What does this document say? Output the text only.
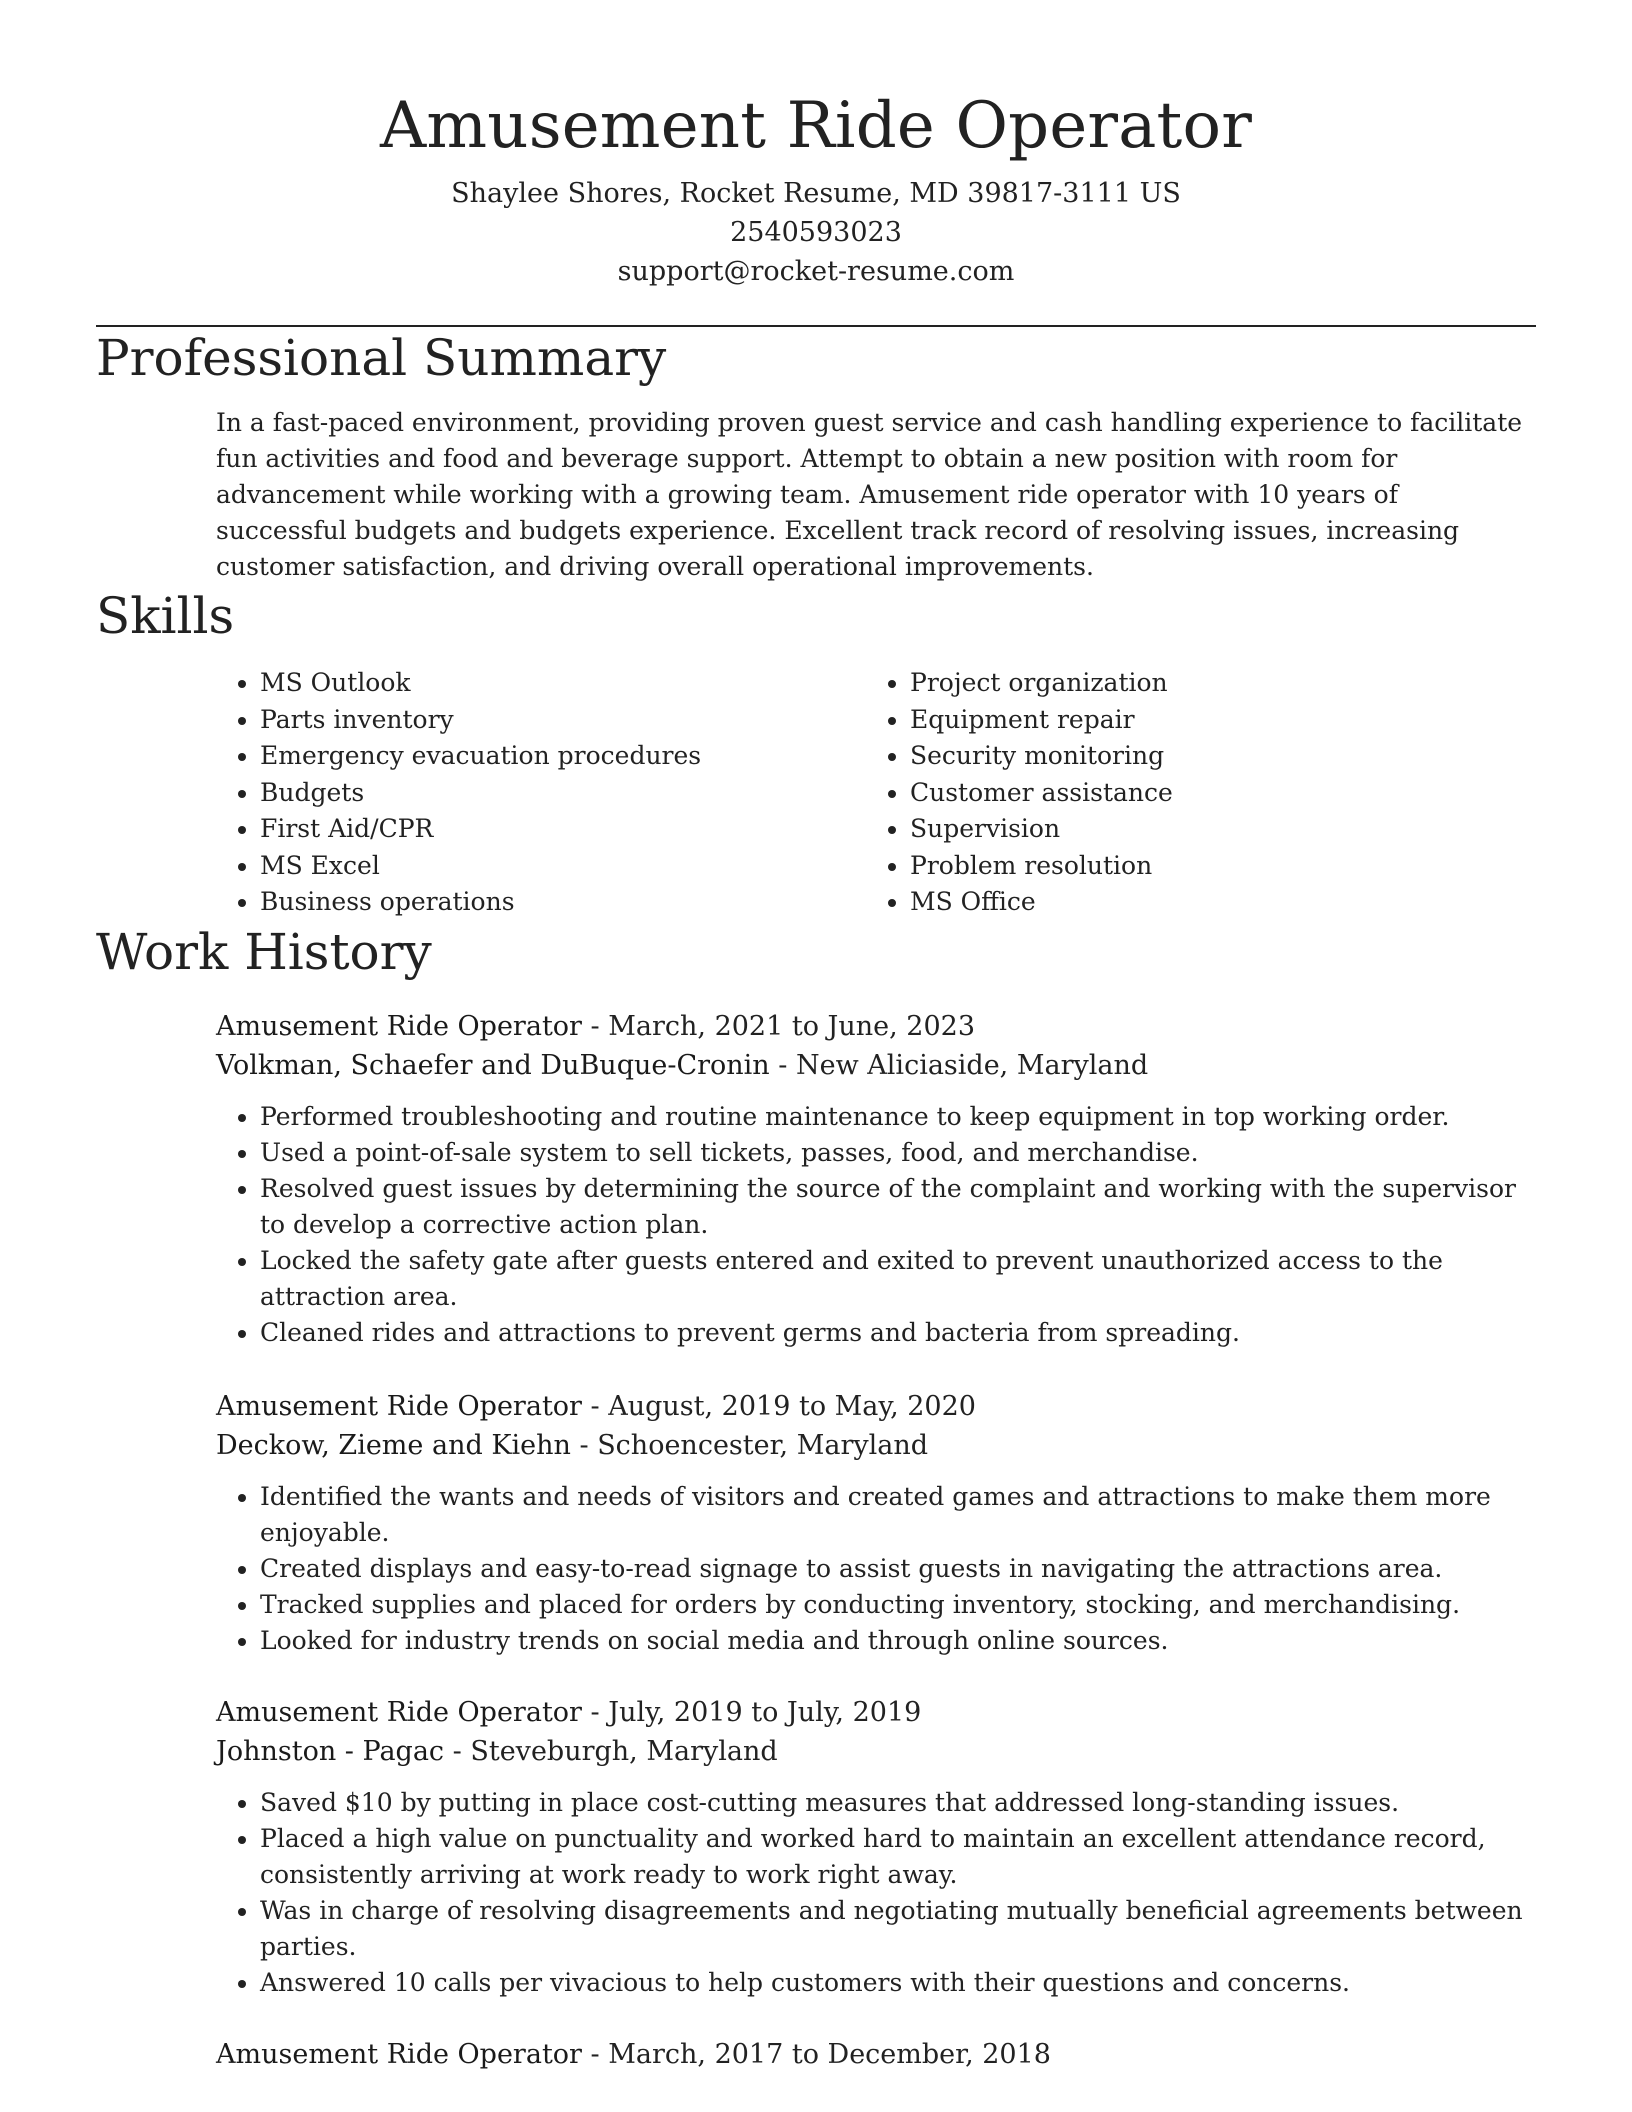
Amusement Ride Operator
Shaylee Shores, Rocket Resume, MD 39817-3111 US
2540593023
support@rocket-resume.com
Professional Summary

In a fast-paced environment, providing proven guest service and cash handling experience to facilitate fun activities and food and beverage support. Attempt to obtain a new position with room for advancement while working with a growing team. Amusement ride operator with 10 years of successful budgets and budgets experience. Excellent track record of resolving issues, increasing customer satisfaction, and driving overall operational improvements.

Skills
• MS Outlook
• Parts inventory
• Emergency evacuation procedures
• Budgets
• First Aid/CPR
• MS Excel
• Business operations
• Project organization
• Equipment repair
• Security monitoring
• Customer assistance
• Supervision
• Problem resolution
• MS Office
Work History
Amusement Ride Operator - March, 2021 to June, 2023
Volkman, Schaefer and DuBuque-Cronin - New Aliciaside, Maryland
• Performed troubleshooting and routine maintenance to keep equipment in top working order.
• Used a point-of-sale system to sell tickets, passes, food, and merchandise.
• Resolved guest issues by determining the source of the complaint and working with the supervisor to develop a corrective action plan.
• Locked the safety gate after guests entered and exited to prevent unauthorized access to the attraction area.
• Cleaned rides and attractions to prevent germs and bacteria from spreading.
Amusement Ride Operator - August, 2019 to May, 2020
Deckow, Zieme and Kiehn - Schoencester, Maryland
• Identified the wants and needs of visitors and created games and attractions to make them more enjoyable.
• Created displays and easy-to-read signage to assist guests in navigating the attractions area.
• Tracked supplies and placed for orders by conducting inventory, stocking, and merchandising.
• Looked for industry trends on social media and through online sources.
Amusement Ride Operator - July, 2019 to July, 2019
Johnston - Pagac - Steveburgh, Maryland
• Saved $10 by putting in place cost-cutting measures that addressed long-standing issues.
• Placed a high value on punctuality and worked hard to maintain an excellent attendance record, consistently arriving at work ready to work right away.
• Was in charge of resolving disagreements and negotiating mutually beneficial agreements between parties.
• Answered 10 calls per vivacious to help customers with their questions and concerns.
Amusement Ride Operator - March, 2017 to December, 2018
